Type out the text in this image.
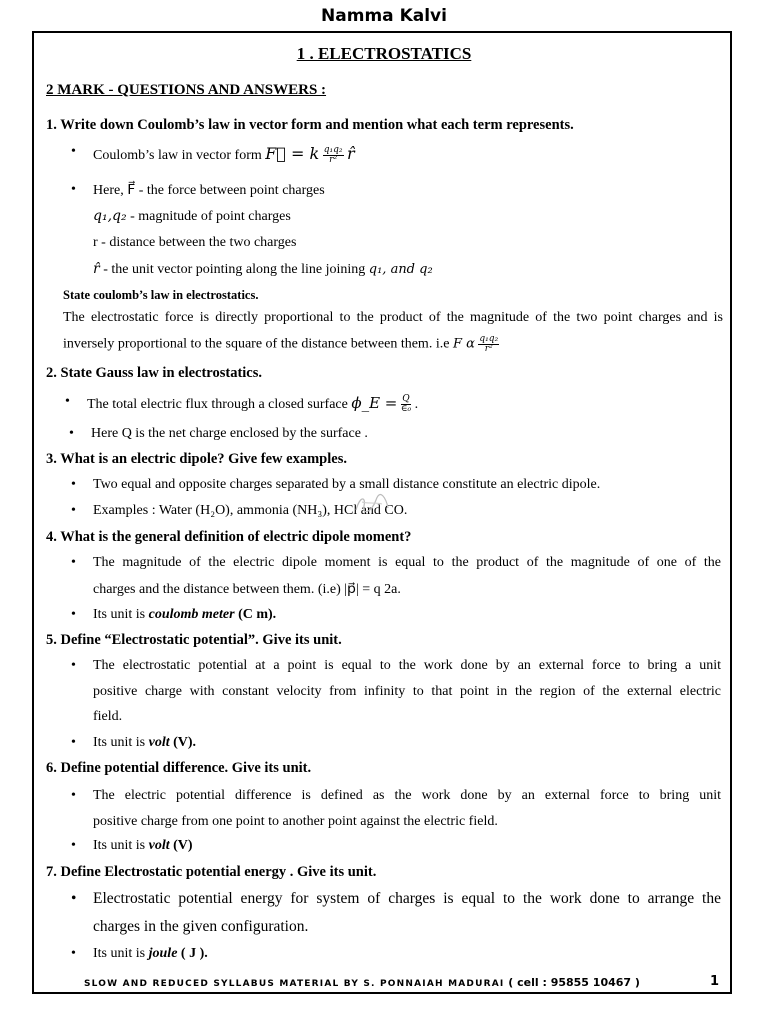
Namma Kalvi
1 . ELECTROSTATICS
2 MARK - QUESTIONS AND ANSWERS :
1. Write down Coulomb’s law in vector form and mention what each term represents.
• Coulomb’s law in vector form F⃗ = k $\frac{\text{q₁q₂}}{\text{r²}}$ r̂
• Here, F⃗ - the force between point charges
q₁,q₂ - magnitude of point charges
r - distance between the two charges
r̂ - the unit vector pointing along the line joining q₁, and q₂
State coulomb’s law in electrostatics.
The electrostatic force is directly proportional to the product of the magnitude of the two point charges and is
inversely proportional to the square of the distance between them. i.e F α $\frac{\text{q₁q₂}}{\text{r²}}$
2. State Gauss law in electrostatics.
• The total electric flux through a closed surface ϕ_E = $\frac{Q}{\text{∈₀}}$ .
• Here Q is the net charge enclosed by the surface .
3. What is an electric dipole? Give few examples.
• Two equal and opposite charges separated by a small distance constitute an electric dipole.
• Examples : Water (H₂O), ammonia (NH₃), HCl and CO.
4. What is the general definition of electric dipole moment?
• The magnitude of the electric dipole moment is equal to the product of the magnitude of one of the
charges and the distance between them. (i.e) |p⃗| = q 2a.
• Its unit is coulomb meter (C m).
5. Define “Electrostatic potential”. Give its unit.
• The electrostatic potential at a point is equal to the work done by an external force to bring a unit
positive charge with constant velocity from infinity to that point in the region of the external electric
field.
• Its unit is volt (V).
6. Define potential difference. Give its unit.
• The electric potential difference is defined as the work done by an external force to bring unit
positive charge from one point to another point against the electric field.
• Its unit is volt (V)
7. Define Electrostatic potential energy . Give its unit.
• Electrostatic potential energy for system of charges is equal to the work done to arrange the
charges in the given configuration.
• Its unit is joule ( J ).
SLOW AND REDUCED SYLLABUS MATERIAL BY S. PONNAIAH MADURAI ( cell : 95855 10467 )	1
